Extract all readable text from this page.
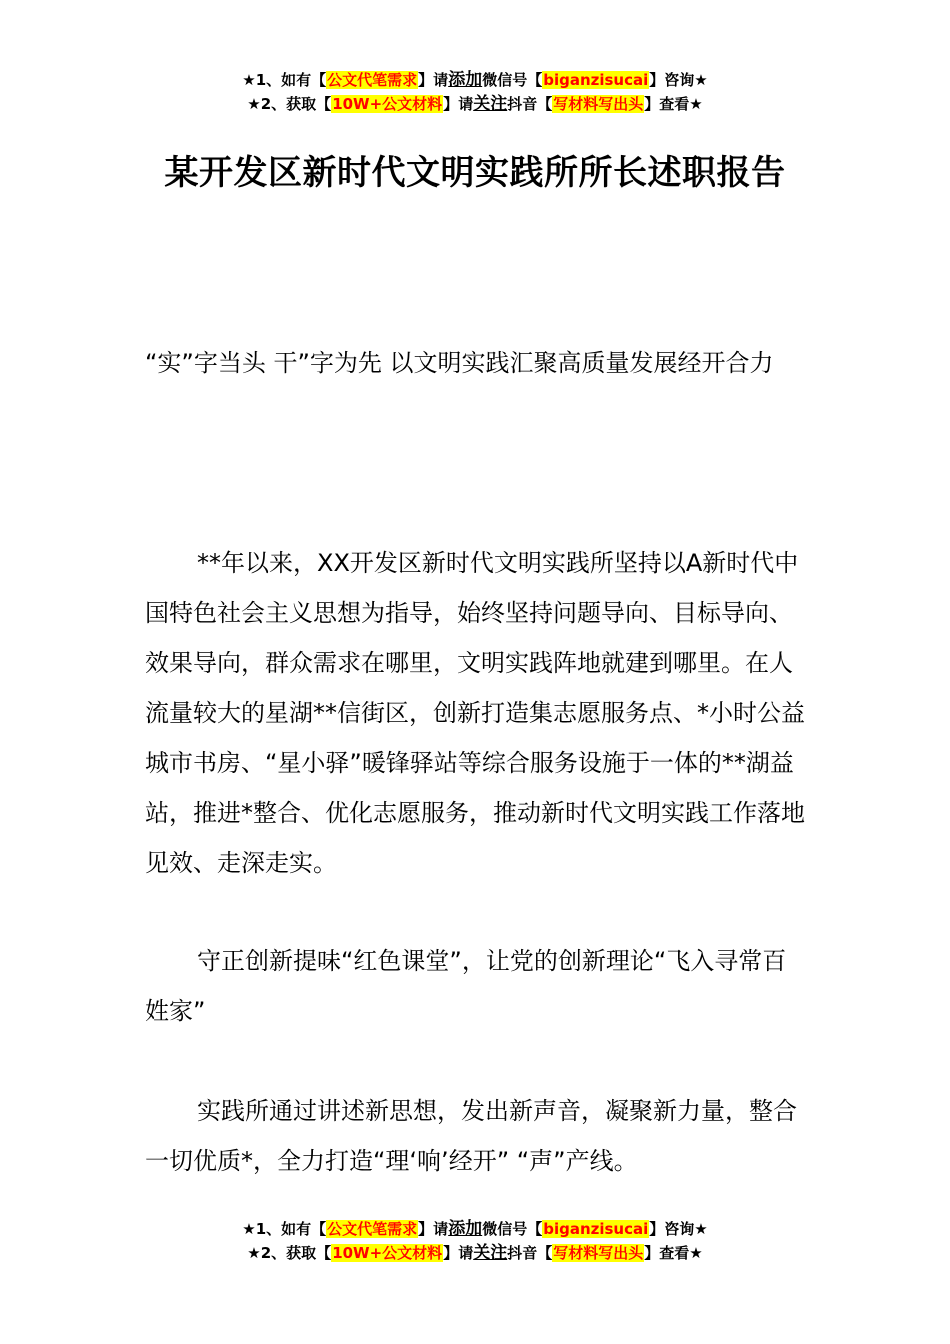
★1、如有【公文代笔需求】请添加微信号【biganzisucai】咨询★
★2、获取【10W+公文材料】请关注抖音【写材料写出头】查看★
某开发区新时代文明实践所所长述职报告

“实”字当头 干”字为先 以文明实践汇聚高质量发展经开合力

**年以来，XX开发区新时代文明实践所坚持以A新时代中国特色社会主义思想为指导，始终坚持问题导向、目标导向、效果导向，群众需求在哪里，文明实践阵地就建到哪里。在人流量较大的星湖**信街区，创新打造集志愿服务点、*小时公益城市书房、“星小驿”暖锋驿站等综合服务设施于一体的**湖益站，推进*整合、优化志愿服务，推动新时代文明实践工作落地见效、走深走实。

守正创新提味“红色课堂”，让党的创新理论“飞入寻常百姓家”

实践所通过讲述新思想，发出新声音，凝聚新力量，整合一切优质*，全力打造“理‘响’经开” “声”产线。

★1、如有【公文代笔需求】请添加微信号【biganzisucai】咨询★
★2、获取【10W+公文材料】请关注抖音【写材料写出头】查看★
